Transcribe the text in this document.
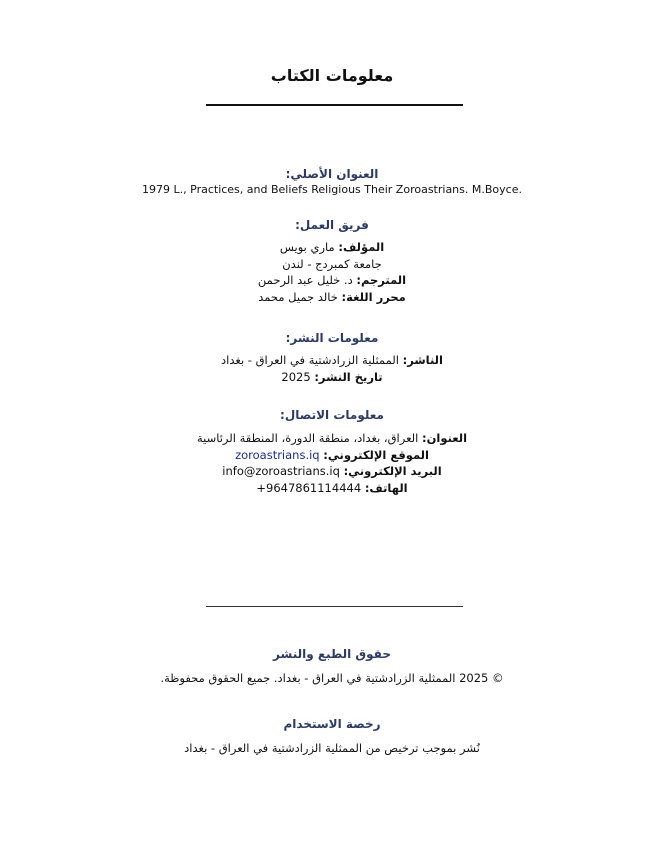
معلومات الكتاب

العنوان الأصلي:

1979 L., Practices, and Beliefs Religious Their Zoroastrians. M.Boyce.

فريق العمل:

المؤلف: ماري بويس

جامعة كمبردج - لندن

المترجم: د. خليل عبد الرحمن

محرر اللغة: خالد جميل محمد

معلومات النشر:

الناشر: الممثلية الزرادشتية في العراق - بغداد

تاريخ النشر: 2025

معلومات الاتصال:

العنوان: العراق، بغداد، منطقة الدورة، المنطقة الرئاسية

الموقع الإلكتروني: zoroastrians.iq

البريد الإلكتروني: info@zoroastrians.iq

الهاتف: +9647861114444

حقوق الطبع والنشر

© 2025 الممثلية الزرادشتية في العراق - بغداد. جميع الحقوق محفوظة.

رخصة الاستخدام

نُشر بموجب ترخيص من الممثلية الزرادشتية في العراق - بغداد
